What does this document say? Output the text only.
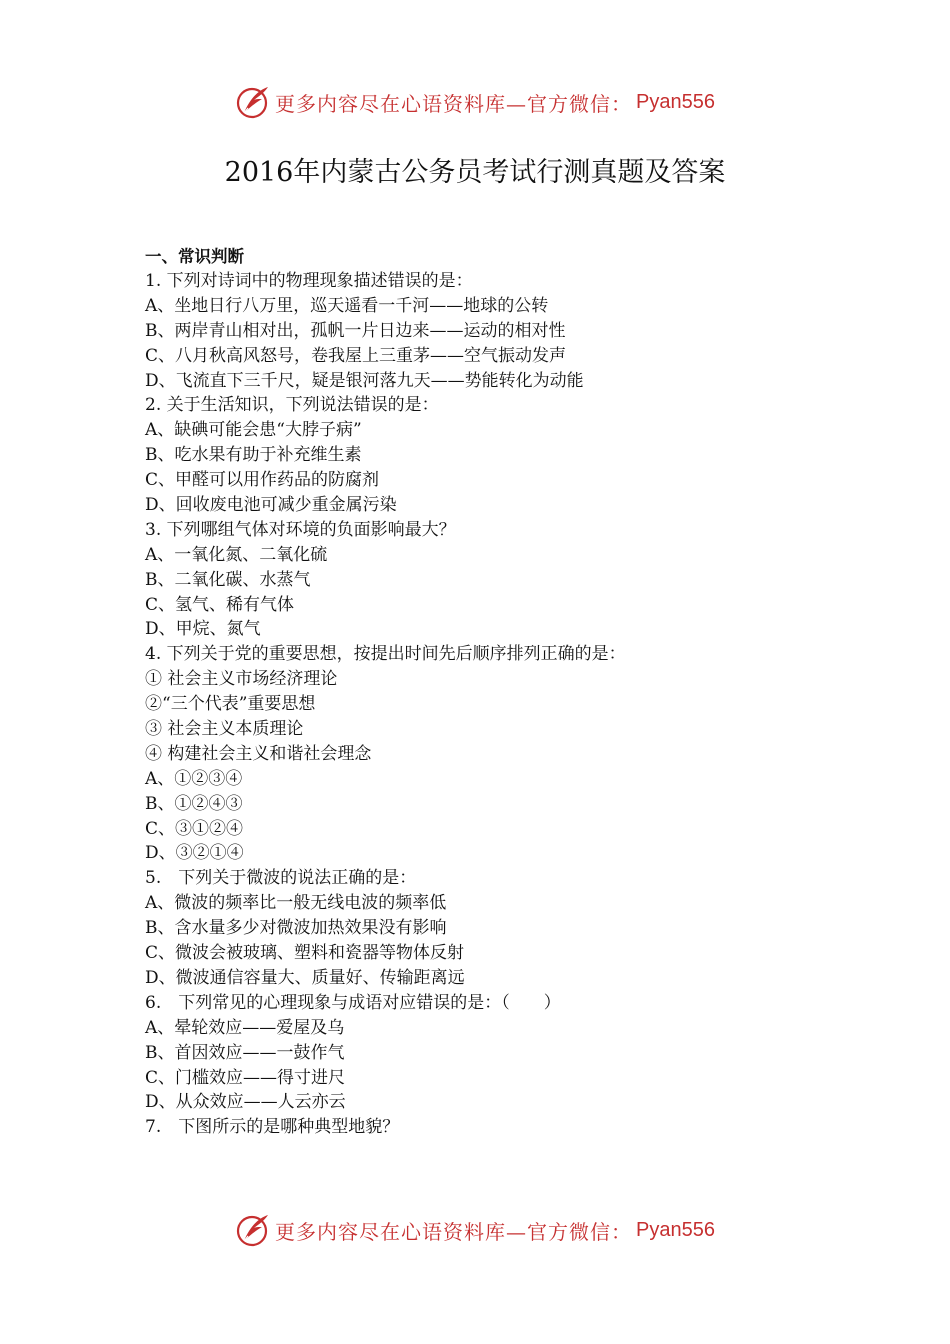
更多内容尽在心语资料库—官方微信： Pyan556
2016年内蒙古公务员考试行测真题及答案
一、常识判断
1. 下列对诗词中的物理现象描述错误的是：
A、坐地日行八万里，巡天遥看一千河——地球的公转
B、两岸青山相对出，孤帆一片日边来——运动的相对性
C、八月秋高风怒号，卷我屋上三重茅——空气振动发声
D、飞流直下三千尺，疑是银河落九天——势能转化为动能
2. 关于生活知识，下列说法错误的是：
A、缺碘可能会患“大脖子病”
B、吃水果有助于补充维生素
C、甲醛可以用作药品的防腐剂
D、回收废电池可减少重金属污染
3. 下列哪组气体对环境的负面影响最大？
A、一氧化氮、二氧化硫
B、二氧化碳、水蒸气
C、氢气、稀有气体
D、甲烷、氮气
4. 下列关于党的重要思想，按提出时间先后顺序排列正确的是：
① 社会主义市场经济理论
②“三个代表”重要思想
③ 社会主义本质理论
④ 构建社会主义和谐社会理念
A、①②③④
B、①②④③
C、③①②④
D、③②①④
5.　下列关于微波的说法正确的是：
A、微波的频率比一般无线电波的频率低
B、含水量多少对微波加热效果没有影响
C、微波会被玻璃、塑料和瓷器等物体反射
D、微波通信容量大、质量好、传输距离远
6.　下列常见的心理现象与成语对应错误的是：（　　）
A、晕轮效应——爱屋及乌
B、首因效应——一鼓作气
C、门槛效应——得寸进尺
D、从众效应——人云亦云
7.　下图所示的是哪种典型地貌？
更多内容尽在心语资料库—官方微信： Pyan556
